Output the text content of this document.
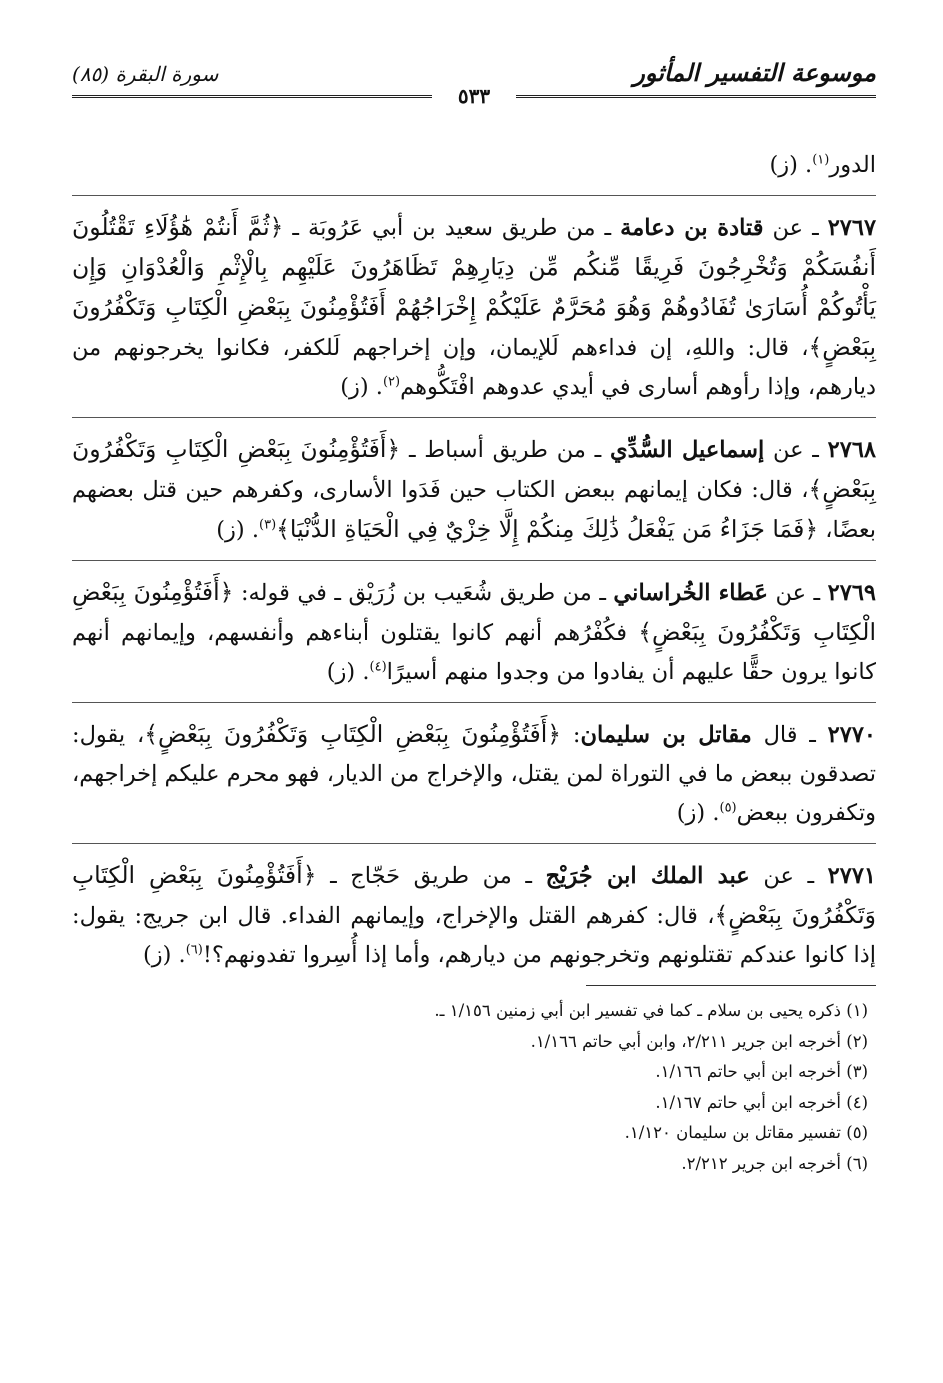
موسوعة التفسير المأثور
سورة البقرة (٨٥)
٥٣٣

الدور$^{(١)}$. (ز)

٢٧٦٧ ـ عن قتادة بن دعامة ـ من طريق سعيد بن أبي عَرُوبَة ـ ﴿ثُمَّ أَنتُمْ هَٰؤُلَاءِ تَقْتُلُونَ أَنفُسَكُمْ وَتُخْرِجُونَ فَرِيقًا مِّنكُم مِّن دِيَارِهِمْ تَظَاهَرُونَ عَلَيْهِم بِالْإِثْمِ وَالْعُدْوَانِ وَإِن يَأْتُوكُمْ أُسَارَىٰ تُفَادُوهُمْ وَهُوَ مُحَرَّمٌ عَلَيْكُمْ إِخْرَاجُهُمْ أَفَتُؤْمِنُونَ بِبَعْضِ الْكِتَابِ وَتَكْفُرُونَ بِبَعْضٍ﴾، قال: واللهِ، إن فداءهم لَلإيمان، وإن إخراجهم لَلكفر، فكانوا يخرجونهم من ديارهم، وإذا رأوهم أسارى في أيدي عدوهم افْتَكُّوهم$^{(٢)}$. (ز)

٢٧٦٨ ـ عن إسماعيل السُّدِّي ـ من طريق أسباط ـ ﴿أَفَتُؤْمِنُونَ بِبَعْضِ الْكِتَابِ وَتَكْفُرُونَ بِبَعْضٍ﴾، قال: فكان إيمانهم ببعض الكتاب حين فَدَوا الأسارى، وكفرهم حين قتل بعضهم بعضًا، ﴿فَمَا جَزَاءُ مَن يَفْعَلُ ذَٰلِكَ مِنكُمْ إِلَّا خِزْيٌ فِي الْحَيَاةِ الدُّنْيَا﴾$^{(٣)}$. (ز)

٢٧٦٩ ـ عن عَطاء الخُراساني ـ من طريق شُعَيب بن زُرَيْق ـ في قوله: ﴿أَفَتُؤْمِنُونَ بِبَعْضِ الْكِتَابِ وَتَكْفُرُونَ بِبَعْضٍ﴾ فكُفْرُهم أنهم كانوا يقتلون أبناءهم وأنفسهم، وإيمانهم أنهم كانوا يرون حقًّا عليهم أن يفادوا من وجدوا منهم أسيرًا$^{(٤)}$. (ز)

٢٧٧٠ ـ قال مقاتل بن سليمان: ﴿أَفَتُؤْمِنُونَ بِبَعْضِ الْكِتَابِ وَتَكْفُرُونَ بِبَعْضٍ﴾، يقول: تصدقون ببعض ما في التوراة لمن يقتل، والإخراج من الديار، فهو محرم عليكم إخراجهم، وتكفرون ببعض$^{(٥)}$. (ز)

٢٧٧١ ـ عن عبد الملك ابن جُرَيْج ـ من طريق حَجّاج ـ ﴿أَفَتُؤْمِنُونَ بِبَعْضِ الْكِتَابِ وَتَكْفُرُونَ بِبَعْضٍ﴾، قال: كفرهم القتل والإخراج، وإيمانهم الفداء. قال ابن جريج: يقول: إذا كانوا عندكم تقتلونهم وتخرجونهم من ديارهم، وأما إذا أُسِروا تفدونهم؟!$^{(٦)}$. (ز)

(١) ذكره يحيى بن سلام ـ كما في تفسير ابن أبي زمنين ١/١٥٦ ـ.
(٢) أخرجه ابن جرير ٢/٢١١، وابن أبي حاتم ١/١٦٦.
(٣) أخرجه ابن أبي حاتم ١/١٦٦.
(٤) أخرجه ابن أبي حاتم ١/١٦٧.
(٥) تفسير مقاتل بن سليمان ١/١٢٠.
(٦) أخرجه ابن جرير ٢/٢١٢.
